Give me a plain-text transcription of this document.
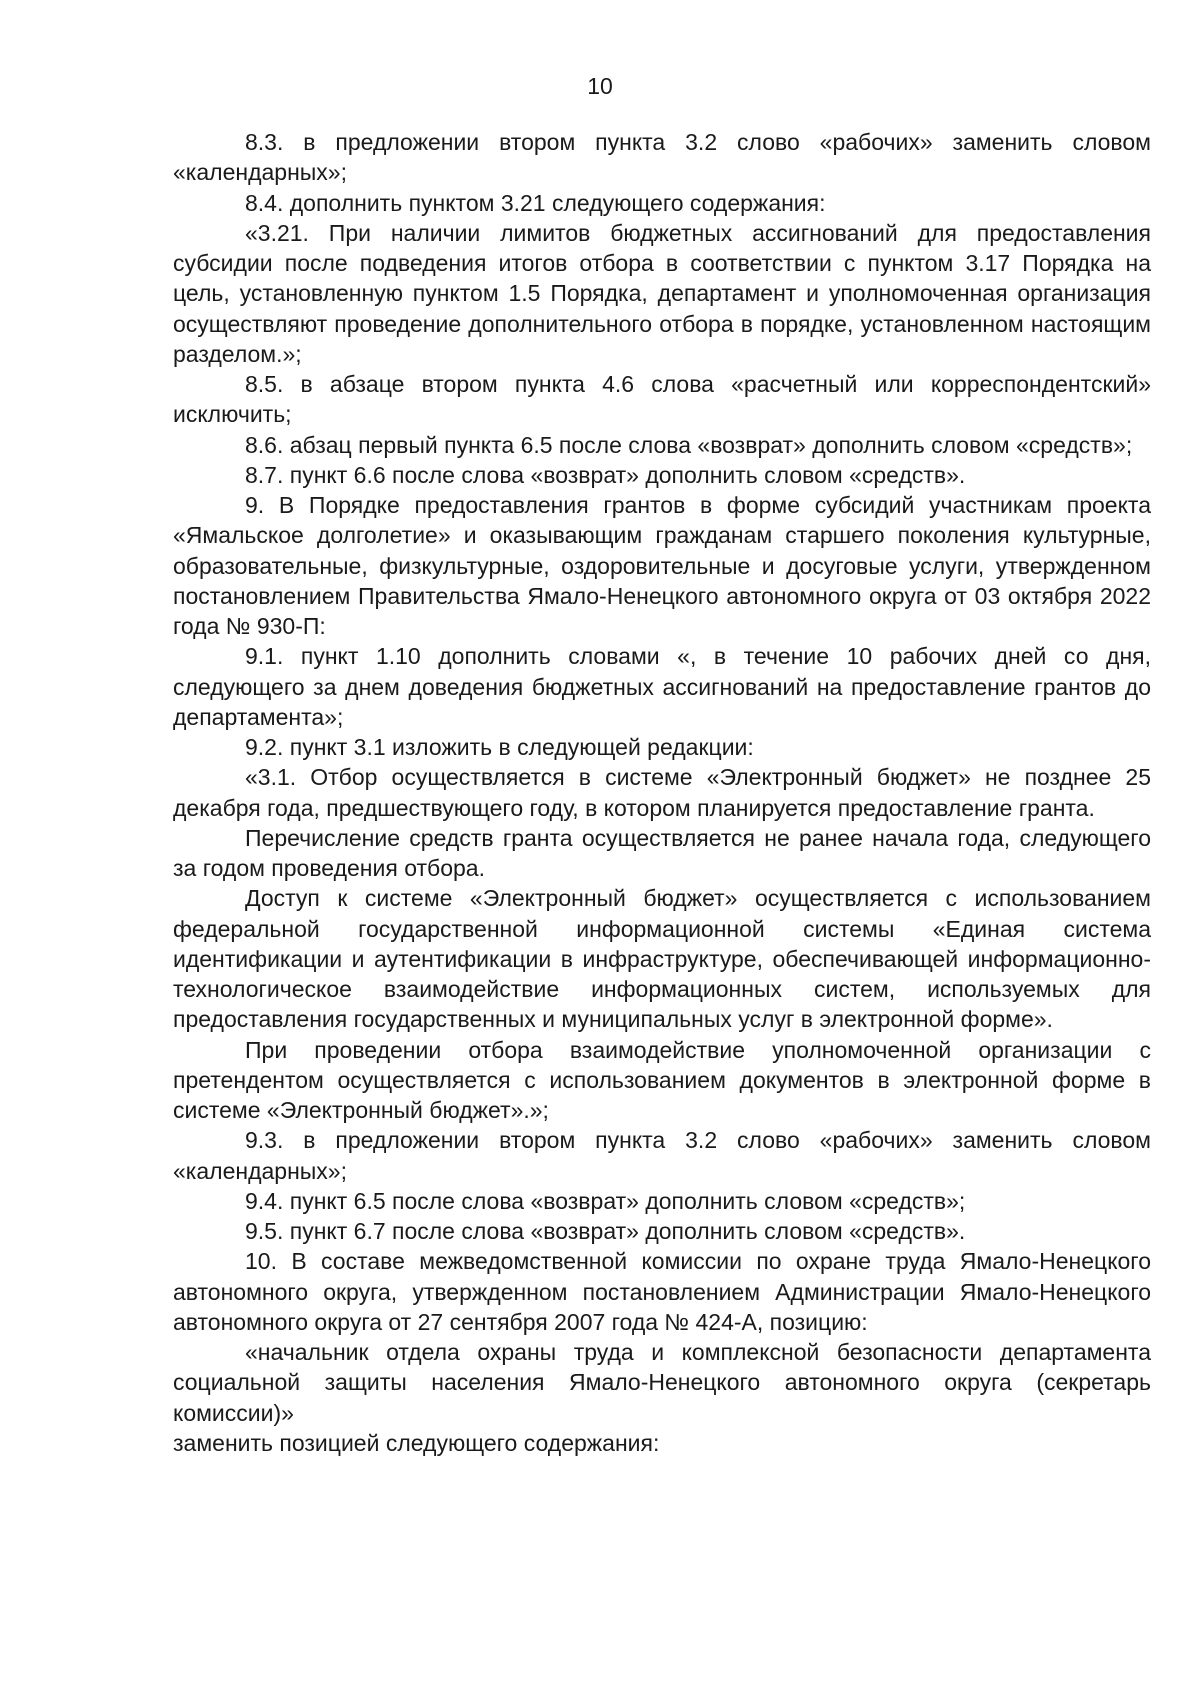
10

8.3. в предложении втором пункта 3.2 слово «рабочих» заменить словом «календарных»;

8.4. дополнить пунктом 3.21 следующего содержания:

«3.21. При наличии лимитов бюджетных ассигнований для предоставления субсидии после подведения итогов отбора в соответствии с пунктом 3.17 Порядка на цель, установленную пунктом 1.5 Порядка, департамент и уполномоченная организация осуществляют проведение дополнительного отбора в порядке, установленном настоящим разделом.»;

8.5. в абзаце втором пункта 4.6 слова «расчетный или корреспондентский» исключить;

8.6. абзац первый пункта 6.5 после слова «возврат» дополнить словом «средств»;

8.7. пункт 6.6 после слова «возврат» дополнить словом «средств».

9. В Порядке предоставления грантов в форме субсидий участникам проекта «Ямальское долголетие» и оказывающим гражданам старшего поколения культурные, образовательные, физкультурные, оздоровительные и досуговые услуги, утвержденном постановлением Правительства Ямало-Ненецкого автономного округа от 03 октября 2022 года № 930-П:

9.1. пункт 1.10 дополнить словами «, в течение 10 рабочих дней со дня, следующего за днем доведения бюджетных ассигнований на предоставление грантов до департамента»;

9.2. пункт 3.1 изложить в следующей редакции:

«3.1. Отбор осуществляется в системе «Электронный бюджет» не позднее 25 декабря года, предшествующего году, в котором планируется предоставление гранта.

Перечисление средств гранта осуществляется не ранее начала года, следующего за годом проведения отбора.

Доступ к системе «Электронный бюджет» осуществляется с использованием федеральной государственной информационной системы «Единая система идентификации и аутентификации в инфраструктуре, обеспечивающей информационно-технологическое взаимодействие информационных систем, используемых для предоставления государственных и муниципальных услуг в электронной форме».

При проведении отбора взаимодействие уполномоченной организации с претендентом осуществляется с использованием документов в электронной форме в системе «Электронный бюджет».»;

9.3. в предложении втором пункта 3.2 слово «рабочих» заменить словом «календарных»;

9.4. пункт 6.5 после слова «возврат» дополнить словом «средств»;

9.5. пункт 6.7 после слова «возврат» дополнить словом «средств».

10. В составе межведомственной комиссии по охране труда Ямало-Ненецкого автономного округа, утвержденном постановлением Администрации Ямало-Ненецкого автономного округа от 27 сентября 2007 года № 424-А, позицию:

«начальник отдела охраны труда и комплексной безопасности департамента социальной защиты населения Ямало-Ненецкого автономного округа (секретарь комиссии)»

заменить позицией следующего содержания:
